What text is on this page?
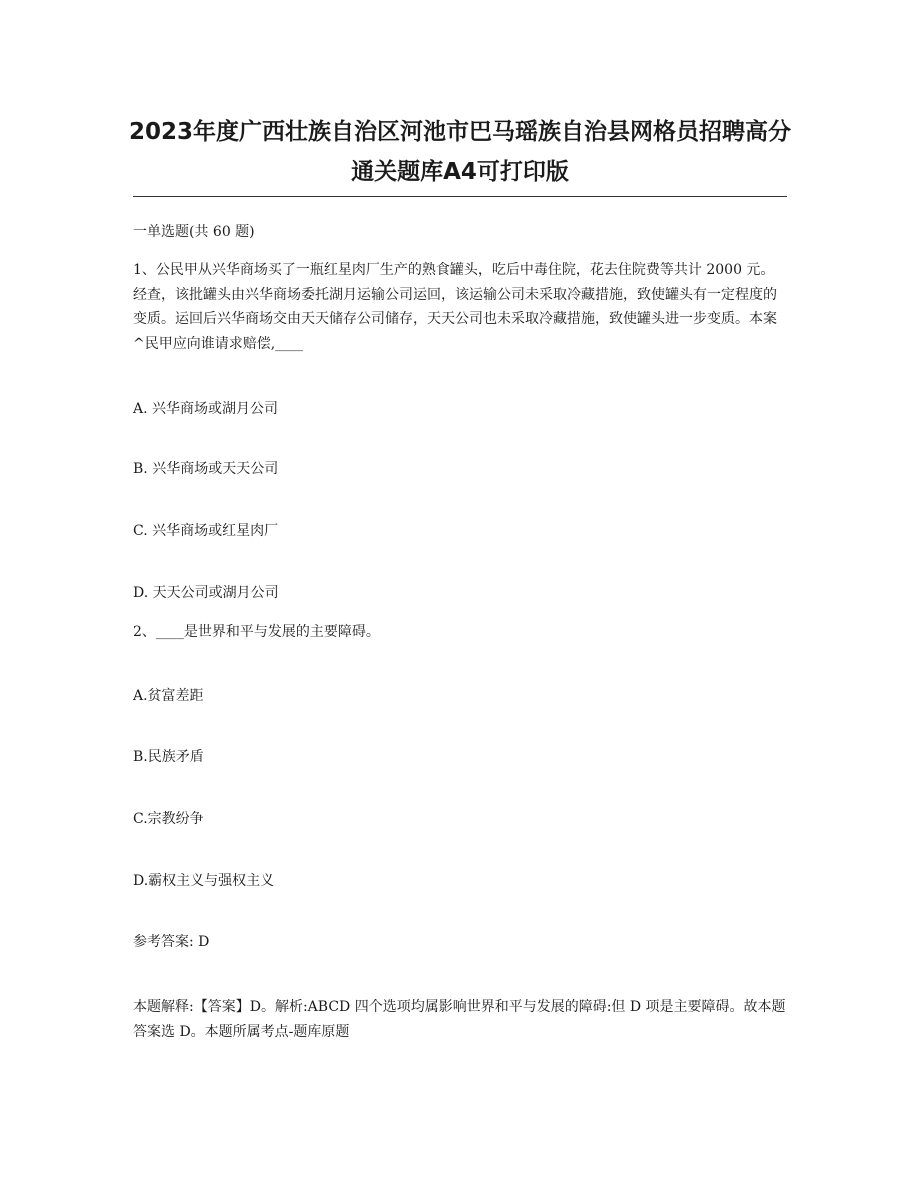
2023年度广西壮族自治区河池市巴马瑶族自治县网格员招聘高分通关题库A4可打印版
一单选题(共 60 题)

1、公民甲从兴华商场买了一瓶红星肉厂生产的熟食罐头，吃后中毒住院，花去住院费等共计 2000 元。经查，该批罐头由兴华商场委托湖月运输公司运回，该运输公司未采取冷藏措施，致使罐头有一定程度的变质。运回后兴华商场交由天天储存公司储存，天天公司也未采取冷藏措施，致使罐头进一步变质。本案^民甲应向谁请求赔偿,____

A. 兴华商场或湖月公司
B. 兴华商场或天天公司
C. 兴华商场或红星肉厂
D. 天天公司或湖月公司
2、____是世界和平与发展的主要障碍。
A.贫富差距
B.民族矛盾
C.宗教纷争
D.霸权主义与强权主义
参考答案: D

本题解释:【答案】D。解析:ABCD 四个选项均属影响世界和平与发展的障碍:但 D 项是主要障碍。故本题答案选 D。本题所属考点-题库原题
